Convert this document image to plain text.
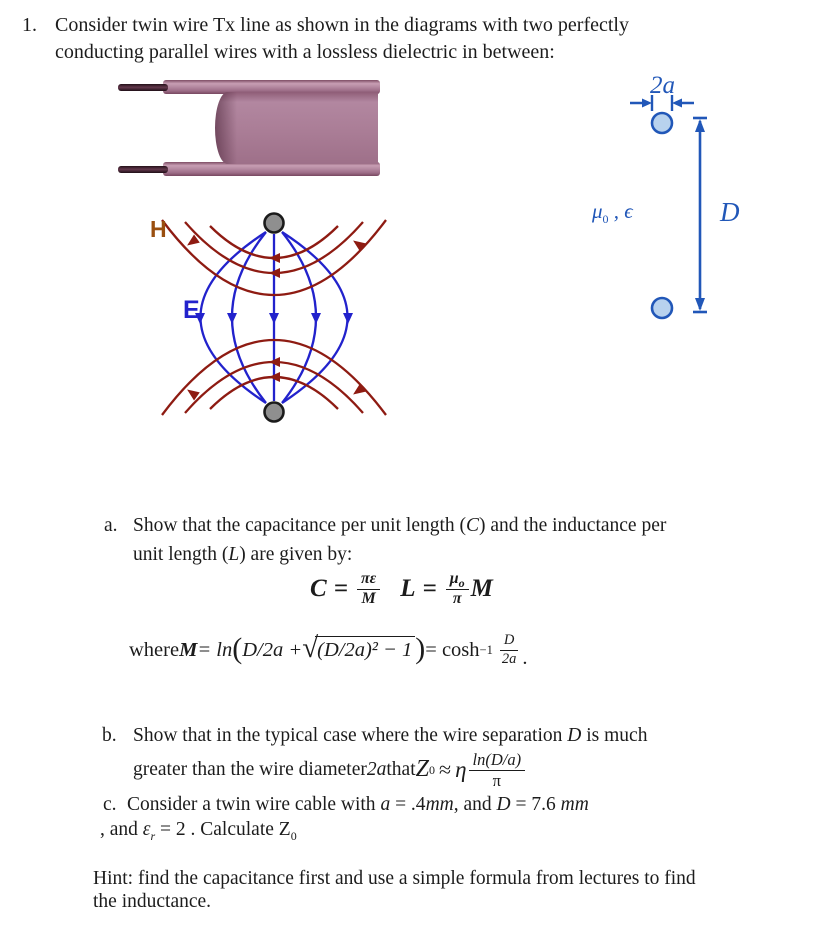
1. Consider twin wire Tx line as shown in the diagrams with two perfectly
conducting parallel wires with a lossless dielectric in between:
H
E
2a
$\mu_0$ , ϵ	D
a. Show that the capacitance per unit length (C) and the inductance per
unit length (L) are given by:
$C = \frac{\pi\varepsilon}{M}$ $L = \frac{\mu_o}{\pi}$ M
where M = ln ( D/2a + √ (D/2a)² − 1 ) = $\cosh -1 \frac{D}{2a}$ .
b. Show that in the typical case where the wire separation D is much
greater than the wire diameter 2a that Z 0 ≈ η $\frac{\ln(D/a)}{\pi}$
c. Consider a twin wire cable with a = .4mm, and D = 7.6 mm
, and $\varepsilon_r = 2$ . Calculate $Z_0$
Hint: find the capacitance first and use a simple formula from lectures to find
the inductance.
